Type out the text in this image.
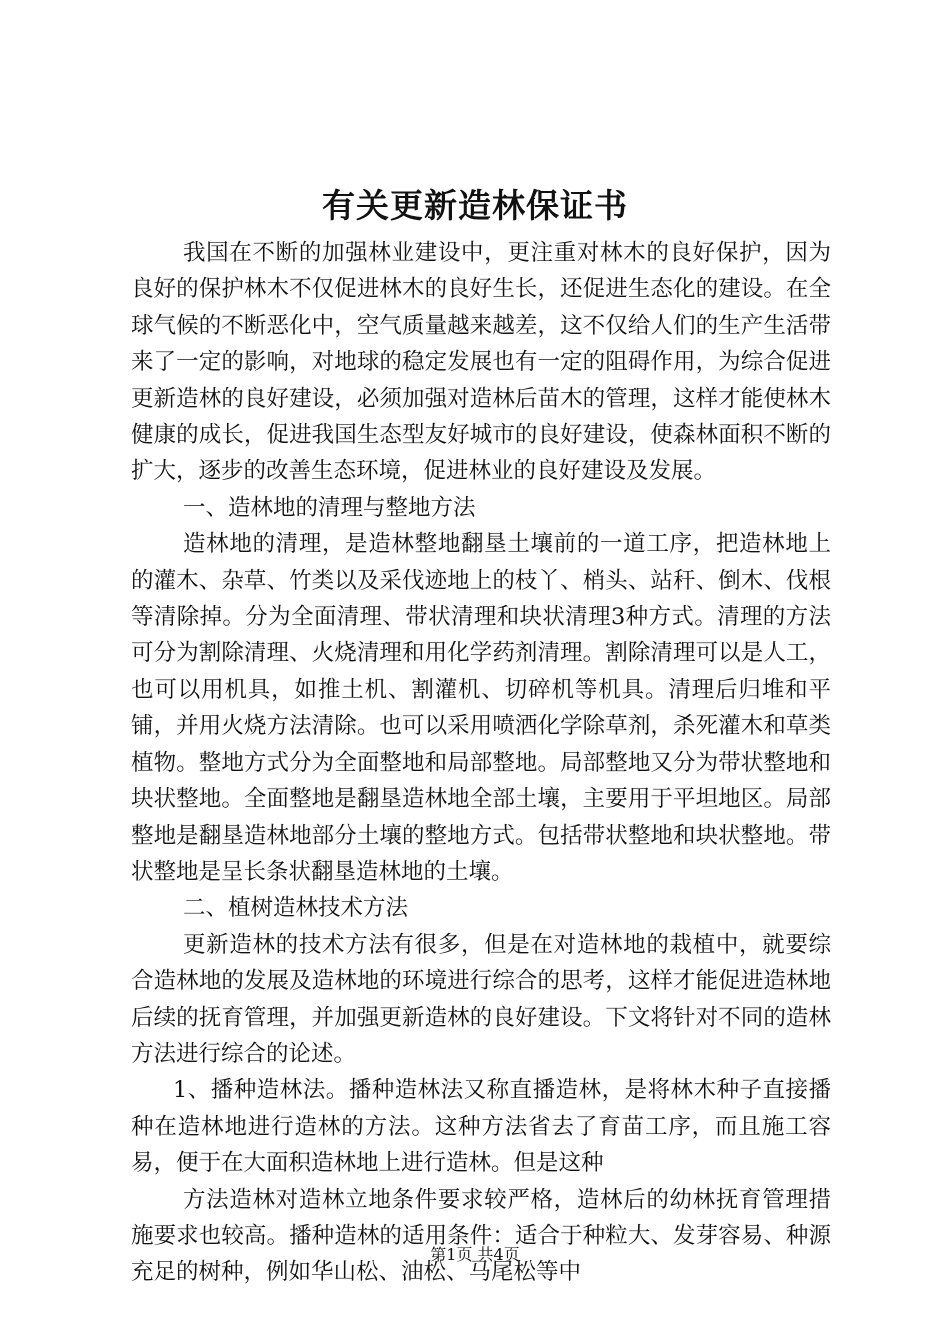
有关更新造林保证书

我国在不断的加强林业建设中，更注重对林木的良好保护，因为良好的保护林木不仅促进林木的良好生长，还促进生态化的建设。在全球气候的不断恶化中，空气质量越来越差，这不仅给人们的生产生活带来了一定的影响，对地球的稳定发展也有一定的阻碍作用，为综合促进更新造林的良好建设，必须加强对造林后苗木的管理，这样才能使林木健康的成长，促进我国生态型友好城市的良好建设，使森林面积不断的扩大，逐步的改善生态环境，促进林业的良好建设及发展。

一、造林地的清理与整地方法

造林地的清理，是造林整地翻垦土壤前的一道工序，把造林地上的灌木、杂草、竹类以及采伐迹地上的枝丫、梢头、站秆、倒木、伐根等清除掉。分为全面清理、带状清理和块状清理3种方式。清理的方法可分为割除清理、火烧清理和用化学药剂清理。割除清理可以是人工，也可以用机具，如推土机、割灌机、切碎机等机具。清理后归堆和平铺，并用火烧方法清除。也可以采用喷洒化学除草剂，杀死灌木和草类植物。整地方式分为全面整地和局部整地。局部整地又分为带状整地和块状整地。全面整地是翻垦造林地全部土壤，主要用于平坦地区。局部整地是翻垦造林地部分土壤的整地方式。包括带状整地和块状整地。带状整地是呈长条状翻垦造林地的土壤。

二、植树造林技术方法

更新造林的技术方法有很多，但是在对造林地的栽植中，就要综合造林地的发展及造林地的环境进行综合的思考，这样才能促进造林地后续的抚育管理，并加强更新造林的良好建设。下文将针对不同的造林方法进行综合的论述。

1、播种造林法。播种造林法又称直播造林，是将林木种子直接播种在造林地进行造林的方法。这种方法省去了育苗工序，而且施工容易，便于在大面积造林地上进行造林。但是这种

方法造林对造林立地条件要求较严格，造林后的幼林抚育管理措施要求也较高。播种造林的适用条件：适合于种粒大、发芽容易、种源充足的树种，例如华山松、油松、马尾松等中

第1页 共4页
